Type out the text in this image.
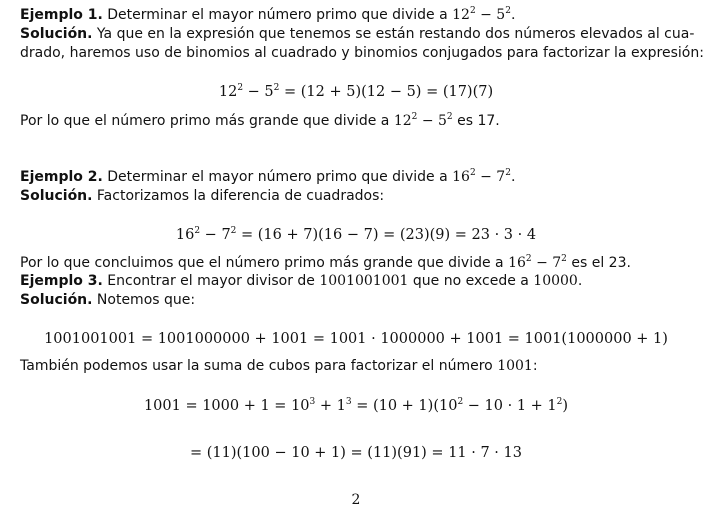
Ejemplo 1. Determinar el mayor número primo que divide a $12^2 - 5^2$.
Solución. Ya que en la expresión que tenemos se están restando dos números elevados al cua-
drado, haremos uso de binomios al cuadrado y binomios conjugados para factorizar la expresión:
$12^2 - 5^2 = (12 + 5)(12 - 5) = (17)(7)$
Por lo que el número primo más grande que divide a $12^2 - 5^2$ es 17.
Ejemplo 2. Determinar el mayor número primo que divide a $16^2 - 7^2$.
Solución. Factorizamos la diferencia de cuadrados:
$16^2 - 7^2 = (16 + 7)(16 - 7) = (23)(9) = 23 \cdot 3 \cdot 4$
Por lo que concluimos que el número primo más grande que divide a $16^2 - 7^2$ es el 23.
Ejemplo 3. Encontrar el mayor divisor de 1001001001 que no excede a 10000.
Solución. Notemos que:
1001001001 = 1001000000 + 1001 = 1001 · 1000000 + 1001 = 1001(1000000 + 1)
También podemos usar la suma de cubos para factorizar el número 1001:
$1001 = 1000 + 1 = 10^3 + 1^3 = (10 + 1)(10^2 - 10 \cdot 1 + 1^2)$
= (11)(100 − 10 + 1) = (11)(91) = 11 · 7 · 13
2
